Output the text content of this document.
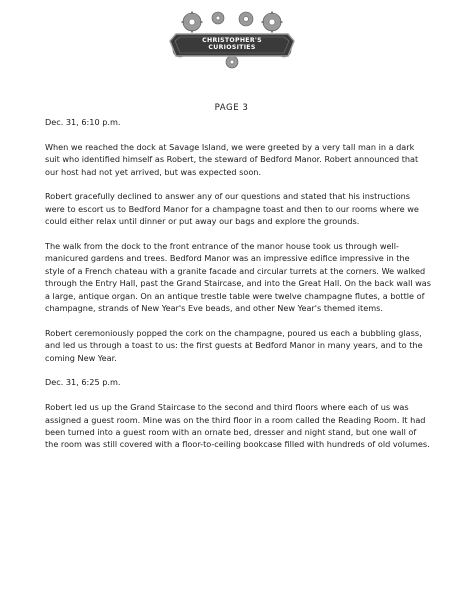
CHRISTOPHER'S
CURIOSITIES
PAGE 3

Dec. 31, 6:10 p.m.

When we reached the dock at Savage Island, we were greeted by a very tall man in a dark suit who identified himself as Robert, the steward of Bedford Manor. Robert announced that our host had not yet arrived, but was expected soon.

Robert gracefully declined to answer any of our questions and stated that his instructions were to escort us to Bedford Manor for a champagne toast and then to our rooms where we could either relax until dinner or put away our bags and explore the grounds.

The walk from the dock to the front entrance of the manor house took us through well-manicured gardens and trees. Bedford Manor was an impressive edifice impressive in the style of a French chateau with a granite facade and circular turrets at the corners. We walked through the Entry Hall, past the Grand Staircase, and into the Great Hall. On the back wall was a large, antique organ. On an antique trestle table were twelve champagne flutes, a bottle of champagne, strands of New Year's Eve beads, and other New Year's themed items.

Robert ceremoniously popped the cork on the champagne, poured us each a bubbling glass, and led us through a toast to us: the first guests at Bedford Manor in many years, and to the coming New Year.

Dec. 31, 6:25 p.m.

Robert led us up the Grand Staircase to the second and third floors where each of us was assigned a guest room. Mine was on the third floor in a room called the Reading Room. It had been turned into a guest room with an ornate bed, dresser and night stand, but one wall of the room was still covered with a floor-to-ceiling bookcase filled with hundreds of old volumes.
